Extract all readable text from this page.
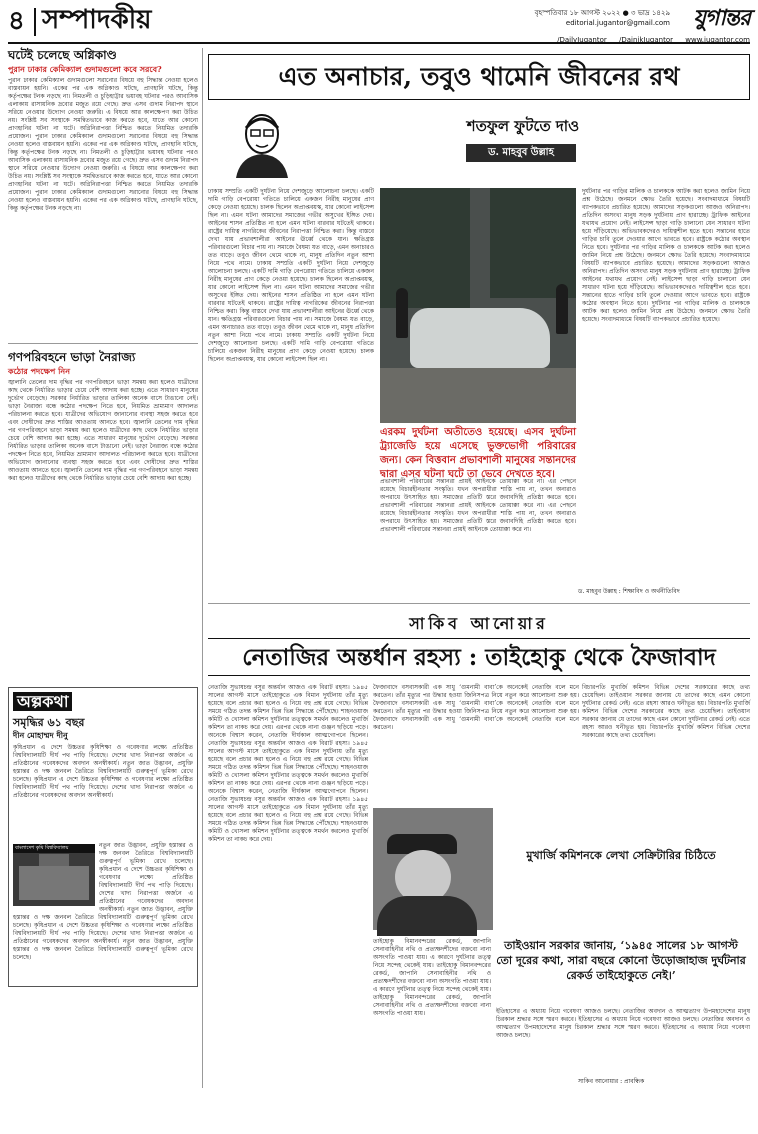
৪ সম্পাদকীয়	বৃহস্পতিবার ১৮ আগস্ট ২০২২ ● ৩ ভাদ্র ১৪২৯
editorial.jugantor@gmail.com যুগান্তর
/DailyJugantor /DainikJugantor www.jugantor.com
ঘটেই চলেছে অগ্নিকাণ্ড
পুরান ঢাকার কেমিক্যাল গুদামগুলো কবে সরবে?
পুরান ঢাকার কেমিক্যাল গুদামগুলো সরানোর বিষয়ে বহু সিদ্ধান্ত নেওয়া হলেও বাস্তবায়ন হয়নি। একের পর এক অগ্নিকাণ্ড ঘটছে, প্রাণহানি ঘটছে, কিন্তু কর্তৃপক্ষের টনক নড়ছে না। নিমতলী ও চুড়িহাট্টার ভয়াবহ ঘটনার পরও আবাসিক এলাকায় রাসায়নিক দ্রব্যের মজুত রয়ে গেছে। দ্রুত এসব গুদাম নিরাপদ স্থানে সরিয়ে নেওয়ার উদ্যোগ নেওয়া জরুরি। এ বিষয়ে আর কালক্ষেপণ করা উচিত নয়। সংশ্লিষ্ট সব সংস্থাকে সমন্বিতভাবে কাজ করতে হবে, যাতে আর কোনো প্রাণহানির ঘটনা না ঘটে। অগ্নিনিরাপত্তা নিশ্চিত করতে নিয়মিত তদারকি প্রয়োজন। পুরান ঢাকার কেমিক্যাল গুদামগুলো সরানোর বিষয়ে বহু সিদ্ধান্ত নেওয়া হলেও বাস্তবায়ন হয়নি। একের পর এক অগ্নিকাণ্ড ঘটছে, প্রাণহানি ঘটছে, কিন্তু কর্তৃপক্ষের টনক নড়ছে না। নিমতলী ও চুড়িহাট্টার ভয়াবহ ঘটনার পরও আবাসিক এলাকায় রাসায়নিক দ্রব্যের মজুত রয়ে গেছে। দ্রুত এসব গুদাম নিরাপদ স্থানে সরিয়ে নেওয়ার উদ্যোগ নেওয়া জরুরি। এ বিষয়ে আর কালক্ষেপণ করা উচিত নয়। সংশ্লিষ্ট সব সংস্থাকে সমন্বিতভাবে কাজ করতে হবে, যাতে আর কোনো প্রাণহানির ঘটনা না ঘটে। অগ্নিনিরাপত্তা নিশ্চিত করতে নিয়মিত তদারকি প্রয়োজন। পুরান ঢাকার কেমিক্যাল গুদামগুলো সরানোর বিষয়ে বহু সিদ্ধান্ত নেওয়া হলেও বাস্তবায়ন হয়নি। একের পর এক অগ্নিকাণ্ড ঘটছে, প্রাণহানি ঘটছে, কিন্তু কর্তৃপক্ষের টনক নড়ছে না।
গণপরিবহনে ভাড়া নৈরাজ্য
কঠোর পদক্ষেপ নিন
জ্বালানি তেলের দাম বৃদ্ধির পর গণপরিবহনে ভাড়া সমন্বয় করা হলেও যাত্রীদের কাছ থেকে নির্ধারিত ভাড়ার চেয়ে বেশি আদায় করা হচ্ছে। এতে সাধারণ মানুষের দুর্ভোগ বেড়েছে। সরকার নির্ধারিত ভাড়ার তালিকা অনেক বাসে টাঙানো নেই। ভাড়া নৈরাজ্য বন্ধে কঠোর পদক্ষেপ নিতে হবে, নিয়মিত ভ্রাম্যমাণ আদালত পরিচালনা করতে হবে। যাত্রীদের অভিযোগ জানানোর ব্যবস্থা সহজ করতে হবে এবং দোষীদের দ্রুত শাস্তির আওতায় আনতে হবে। জ্বালানি তেলের দাম বৃদ্ধির পর গণপরিবহনে ভাড়া সমন্বয় করা হলেও যাত্রীদের কাছ থেকে নির্ধারিত ভাড়ার চেয়ে বেশি আদায় করা হচ্ছে। এতে সাধারণ মানুষের দুর্ভোগ বেড়েছে। সরকার নির্ধারিত ভাড়ার তালিকা অনেক বাসে টাঙানো নেই। ভাড়া নৈরাজ্য বন্ধে কঠোর পদক্ষেপ নিতে হবে, নিয়মিত ভ্রাম্যমাণ আদালত পরিচালনা করতে হবে। যাত্রীদের অভিযোগ জানানোর ব্যবস্থা সহজ করতে হবে এবং দোষীদের দ্রুত শাস্তির আওতায় আনতে হবে। জ্বালানি তেলের দাম বৃদ্ধির পর গণপরিবহনে ভাড়া সমন্বয় করা হলেও যাত্রীদের কাছ থেকে নির্ধারিত ভাড়ার চেয়ে বেশি আদায় করা হচ্ছে।
অল্পকথা
সমৃদ্ধির ৬১ বছর
দীন মোহাম্মদ দীনু
কৃষিপ্রধান এ দেশে উচ্চতর কৃষিশিক্ষা ও গবেষণার লক্ষ্যে প্রতিষ্ঠিত বিশ্ববিদ্যালয়টি দীর্ঘ পথ পাড়ি দিয়েছে। দেশের খাদ্য নিরাপত্তা অর্জনে এ প্রতিষ্ঠানের গবেষকদের অবদান অনস্বীকার্য। নতুন জাত উদ্ভাবন, প্রযুক্তি হস্তান্তর ও দক্ষ জনবল তৈরিতে বিশ্ববিদ্যালয়টি গুরুত্বপূর্ণ ভূমিকা রেখে চলেছে। কৃষিপ্রধান এ দেশে উচ্চতর কৃষিশিক্ষা ও গবেষণার লক্ষ্যে প্রতিষ্ঠিত বিশ্ববিদ্যালয়টি দীর্ঘ পথ পাড়ি দিয়েছে। দেশের খাদ্য নিরাপত্তা অর্জনে এ প্রতিষ্ঠানের গবেষকদের অবদান অনস্বীকার্য।
বাংলাদেশ কৃষি বিশ্ববিদ্যালয়	নতুন জাত উদ্ভাবন, প্রযুক্তি হস্তান্তর ও দক্ষ জনবল তৈরিতে বিশ্ববিদ্যালয়টি গুরুত্বপূর্ণ ভূমিকা রেখে চলেছে। কৃষিপ্রধান এ দেশে উচ্চতর কৃষিশিক্ষা ও গবেষণার লক্ষ্যে প্রতিষ্ঠিত বিশ্ববিদ্যালয়টি দীর্ঘ পথ পাড়ি দিয়েছে। দেশের খাদ্য নিরাপত্তা অর্জনে এ প্রতিষ্ঠানের গবেষকদের অবদান অনস্বীকার্য। নতুন জাত উদ্ভাবন, প্রযুক্তি হস্তান্তর ও দক্ষ জনবল তৈরিতে বিশ্ববিদ্যালয়টি গুরুত্বপূর্ণ ভূমিকা রেখে চলেছে। কৃষিপ্রধান এ দেশে উচ্চতর কৃষিশিক্ষা ও গবেষণার লক্ষ্যে প্রতিষ্ঠিত বিশ্ববিদ্যালয়টি দীর্ঘ পথ পাড়ি দিয়েছে। দেশের খাদ্য নিরাপত্তা অর্জনে এ প্রতিষ্ঠানের গবেষকদের অবদান অনস্বীকার্য। নতুন জাত উদ্ভাবন, প্রযুক্তি হস্তান্তর ও দক্ষ জনবল তৈরিতে বিশ্ববিদ্যালয়টি গুরুত্বপূর্ণ ভূমিকা রেখে চলেছে।
এত অনাচার, তবুও থামেনি জীবনের রথ
শতফুল ফুটতে দাও
ড. মাহবুব উল্লাহ
ঢাকায় সম্প্রতি একটি দুর্ঘটনা নিয়ে দেশজুড়ে আলোচনা চলছে। একটি দামি গাড়ি বেপরোয়া গতিতে চালিয়ে একজন নিরীহ মানুষের প্রাণ কেড়ে নেওয়া হয়েছে। চালক ছিলেন অপ্রাপ্তবয়স্ক, যার কোনো লাইসেন্স ছিল না। এমন ঘটনা আমাদের সমাজের গভীর অসুখের ইঙ্গিত দেয়। আইনের শাসন প্রতিষ্ঠিত না হলে এমন ঘটনা বারবার ঘটতেই থাকবে। রাষ্ট্রের দায়িত্ব নাগরিকের জীবনের নিরাপত্তা নিশ্চিত করা। কিন্তু বাস্তবে দেখা যায় প্রভাবশালীরা আইনের ঊর্ধ্বে থেকে যান। ক্ষতিগ্রস্ত পরিবারগুলো বিচার পায় না। সমাজে বৈষম্য যত বাড়ে, এমন অনাচারও তত বাড়ে। তবুও জীবন থেমে থাকে না, মানুষ প্রতিদিন নতুন আশা নিয়ে পথে নামে। ঢাকায় সম্প্রতি একটি দুর্ঘটনা নিয়ে দেশজুড়ে আলোচনা চলছে। একটি দামি গাড়ি বেপরোয়া গতিতে চালিয়ে একজন নিরীহ মানুষের প্রাণ কেড়ে নেওয়া হয়েছে। চালক ছিলেন অপ্রাপ্তবয়স্ক, যার কোনো লাইসেন্স ছিল না। এমন ঘটনা আমাদের সমাজের গভীর অসুখের ইঙ্গিত দেয়। আইনের শাসন প্রতিষ্ঠিত না হলে এমন ঘটনা বারবার ঘটতেই থাকবে। রাষ্ট্রের দায়িত্ব নাগরিকের জীবনের নিরাপত্তা নিশ্চিত করা। কিন্তু বাস্তবে দেখা যায় প্রভাবশালীরা আইনের ঊর্ধ্বে থেকে যান। ক্ষতিগ্রস্ত পরিবারগুলো বিচার পায় না। সমাজে বৈষম্য যত বাড়ে, এমন অনাচারও তত বাড়ে। তবুও জীবন থেমে থাকে না, মানুষ প্রতিদিন নতুন আশা নিয়ে পথে নামে। ঢাকায় সম্প্রতি একটি দুর্ঘটনা নিয়ে দেশজুড়ে আলোচনা চলছে। একটি দামি গাড়ি বেপরোয়া গতিতে চালিয়ে একজন নিরীহ মানুষের প্রাণ কেড়ে নেওয়া হয়েছে। চালক ছিলেন অপ্রাপ্তবয়স্ক, যার কোনো লাইসেন্স ছিল না।
এরকম দুর্ঘটনা অতীতেও হয়েছে। এসব দুর্ঘটনা ট্র্যাজেডি হয়ে এসেছে ভুক্তভোগী পরিবারের জন্য। কেন বিত্তবান প্রভাবশালী মানুষের সন্তানদের দ্বারা এসব ঘটনা ঘটে তা ভেবে দেখতে হবে।
দুর্ঘটনার পর গাড়ির মালিক ও চালককে আটক করা হলেও জামিন নিয়ে প্রশ্ন উঠেছে। জনমনে ক্ষোভ তৈরি হয়েছে। সংবাদমাধ্যমে বিষয়টি ব্যাপকভাবে প্রচারিত হয়েছে। আমাদের সড়কগুলো আজও অনিরাপদ। প্রতিদিন অসংখ্য মানুষ সড়ক দুর্ঘটনায় প্রাণ হারাচ্ছে। ট্রাফিক আইনের যথাযথ প্রয়োগ নেই। লাইসেন্স ছাড়া গাড়ি চালানো যেন সাধারণ ঘটনা হয়ে দাঁড়িয়েছে। অভিভাবকদেরও দায়িত্বশীল হতে হবে। সন্তানের হাতে গাড়ির চাবি তুলে দেওয়ার আগে ভাবতে হবে। রাষ্ট্রকে কঠোর অবস্থান নিতে হবে। দুর্ঘটনার পর গাড়ির মালিক ও চালককে আটক করা হলেও জামিন নিয়ে প্রশ্ন উঠেছে। জনমনে ক্ষোভ তৈরি হয়েছে। সংবাদমাধ্যমে বিষয়টি ব্যাপকভাবে প্রচারিত হয়েছে। আমাদের সড়কগুলো আজও অনিরাপদ। প্রতিদিন অসংখ্য মানুষ সড়ক দুর্ঘটনায় প্রাণ হারাচ্ছে। ট্রাফিক আইনের যথাযথ প্রয়োগ নেই। লাইসেন্স ছাড়া গাড়ি চালানো যেন সাধারণ ঘটনা হয়ে দাঁড়িয়েছে। অভিভাবকদেরও দায়িত্বশীল হতে হবে। সন্তানের হাতে গাড়ির চাবি তুলে দেওয়ার আগে ভাবতে হবে। রাষ্ট্রকে কঠোর অবস্থান নিতে হবে। দুর্ঘটনার পর গাড়ির মালিক ও চালককে আটক করা হলেও জামিন নিয়ে প্রশ্ন উঠেছে। জনমনে ক্ষোভ তৈরি হয়েছে। সংবাদমাধ্যমে বিষয়টি ব্যাপকভাবে প্রচারিত হয়েছে।
প্রভাবশালী পরিবারের সন্তানরা প্রায়ই আইনকে তোয়াক্কা করে না। এর পেছনে রয়েছে বিচারহীনতার সংস্কৃতি। যখন অপরাধীরা শাস্তি পায় না, তখন অন্যরাও অপরাধে উৎসাহিত হয়। সমাজের প্রতিটি স্তরে জবাবদিহি প্রতিষ্ঠা করতে হবে। প্রভাবশালী পরিবারের সন্তানরা প্রায়ই আইনকে তোয়াক্কা করে না। এর পেছনে রয়েছে বিচারহীনতার সংস্কৃতি। যখন অপরাধীরা শাস্তি পায় না, তখন অন্যরাও অপরাধে উৎসাহিত হয়। সমাজের প্রতিটি স্তরে জবাবদিহি প্রতিষ্ঠা করতে হবে। প্রভাবশালী পরিবারের সন্তানরা প্রায়ই আইনকে তোয়াক্কা করে না।
ড. মাহবুব উল্লাহ : শিক্ষাবিদ ও অর্থনীতিবিদ
সাকিব আনোয়ার
নেতাজির অন্তর্ধান রহস্য : তাইহোকু থেকে ফৈজাবাদ
নেতাজি সুভাষচন্দ্র বসুর অন্তর্ধান আজও এক বিরাট রহস্য। ১৯৪৫ সালের আগস্ট মাসে তাইহোকুতে এক বিমান দুর্ঘটনায় তাঁর মৃত্যু হয়েছে বলে প্রচার করা হলেও এ নিয়ে বহু প্রশ্ন রয়ে গেছে। বিভিন্ন সময়ে গঠিত তদন্ত কমিশন ভিন্ন ভিন্ন সিদ্ধান্তে পৌঁছেছে। শাহনওয়াজ কমিটি ও খোসলা কমিশন দুর্ঘটনার তত্ত্বকে সমর্থন করলেও মুখার্জি কমিশন তা নাকচ করে দেয়। এরপর থেকে নানা গুঞ্জন ছড়িয়ে পড়ে। অনেকে বিশ্বাস করেন, নেতাজি দীর্ঘকাল আত্মগোপনে ছিলেন। নেতাজি সুভাষচন্দ্র বসুর অন্তর্ধান আজও এক বিরাট রহস্য। ১৯৪৫ সালের আগস্ট মাসে তাইহোকুতে এক বিমান দুর্ঘটনায় তাঁর মৃত্যু হয়েছে বলে প্রচার করা হলেও এ নিয়ে বহু প্রশ্ন রয়ে গেছে। বিভিন্ন সময়ে গঠিত তদন্ত কমিশন ভিন্ন ভিন্ন সিদ্ধান্তে পৌঁছেছে। শাহনওয়াজ কমিটি ও খোসলা কমিশন দুর্ঘটনার তত্ত্বকে সমর্থন করলেও মুখার্জি কমিশন তা নাকচ করে দেয়। এরপর থেকে নানা গুঞ্জন ছড়িয়ে পড়ে। অনেকে বিশ্বাস করেন, নেতাজি দীর্ঘকাল আত্মগোপনে ছিলেন। নেতাজি সুভাষচন্দ্র বসুর অন্তর্ধান আজও এক বিরাট রহস্য। ১৯৪৫ সালের আগস্ট মাসে তাইহোকুতে এক বিমান দুর্ঘটনায় তাঁর মৃত্যু হয়েছে বলে প্রচার করা হলেও এ নিয়ে বহু প্রশ্ন রয়ে গেছে। বিভিন্ন সময়ে গঠিত তদন্ত কমিশন ভিন্ন ভিন্ন সিদ্ধান্তে পৌঁছেছে। শাহনওয়াজ কমিটি ও খোসলা কমিশন দুর্ঘটনার তত্ত্বকে সমর্থন করলেও মুখার্জি কমিশন তা নাকচ করে দেয়।
ফৈজাবাদে বসবাসকারী এক সাধু ‘গুমনামী বাবা’কে অনেকেই নেতাজি বলে মনে করতেন। তাঁর মৃত্যুর পর উদ্ধার হওয়া জিনিসপত্র নিয়ে নতুন করে আলোচনা শুরু হয়। ফৈজাবাদে বসবাসকারী এক সাধু ‘গুমনামী বাবা’কে অনেকেই নেতাজি বলে মনে করতেন। তাঁর মৃত্যুর পর উদ্ধার হওয়া জিনিসপত্র নিয়ে নতুন করে আলোচনা শুরু হয়। ফৈজাবাদে বসবাসকারী এক সাধু ‘গুমনামী বাবা’কে অনেকেই নেতাজি বলে মনে করতেন।
বিচারপতি মুখার্জি কমিশন বিভিন্ন দেশের সরকারের কাছে তথ্য চেয়েছিল। তাইওয়ান সরকার জানায় যে তাদের কাছে এমন কোনো দুর্ঘটনার রেকর্ড নেই। এতে রহস্য আরও ঘনীভূত হয়। বিচারপতি মুখার্জি কমিশন বিভিন্ন দেশের সরকারের কাছে তথ্য চেয়েছিল। তাইওয়ান সরকার জানায় যে তাদের কাছে এমন কোনো দুর্ঘটনার রেকর্ড নেই। এতে রহস্য আরও ঘনীভূত হয়। বিচারপতি মুখার্জি কমিশন বিভিন্ন দেশের সরকারের কাছে তথ্য চেয়েছিল।
মুখার্জি কমিশনকে লেখা সেক্রিটারির চিঠিতে
তাইওয়ান সরকার জানায়, ‘১৯৪৫ সালের ১৮ আগস্ট তো দূরের কথা, সারা বছরে কোনো উড়োজাহাজ দুর্ঘটনার রেকর্ড তাইহোকুতে নেই।’
তাইহোকু বিমানবন্দরের রেকর্ড, জাপানি সেনাবাহিনীর নথি ও প্রত্যক্ষদর্শীদের বক্তব্যে নানা অসংগতি পাওয়া যায়। এ কারণে দুর্ঘটনার তত্ত্ব নিয়ে সন্দেহ থেকেই যায়। তাইহোকু বিমানবন্দরের রেকর্ড, জাপানি সেনাবাহিনীর নথি ও প্রত্যক্ষদর্শীদের বক্তব্যে নানা অসংগতি পাওয়া যায়। এ কারণে দুর্ঘটনার তত্ত্ব নিয়ে সন্দেহ থেকেই যায়। তাইহোকু বিমানবন্দরের রেকর্ড, জাপানি সেনাবাহিনীর নথি ও প্রত্যক্ষদর্শীদের বক্তব্যে নানা অসংগতি পাওয়া যায়।	ইতিহাসের এ অধ্যায় নিয়ে গবেষণা আজও চলছে। নেতাজির অবদান ও আত্মত্যাগ উপমহাদেশের মানুষ চিরকাল শ্রদ্ধার সঙ্গে স্মরণ করবে। ইতিহাসের এ অধ্যায় নিয়ে গবেষণা আজও চলছে। নেতাজির অবদান ও আত্মত্যাগ উপমহাদেশের মানুষ চিরকাল শ্রদ্ধার সঙ্গে স্মরণ করবে। ইতিহাসের এ অধ্যায় নিয়ে গবেষণা আজও চলছে।
সাকিব আনোয়ার : প্রাবন্ধিক
